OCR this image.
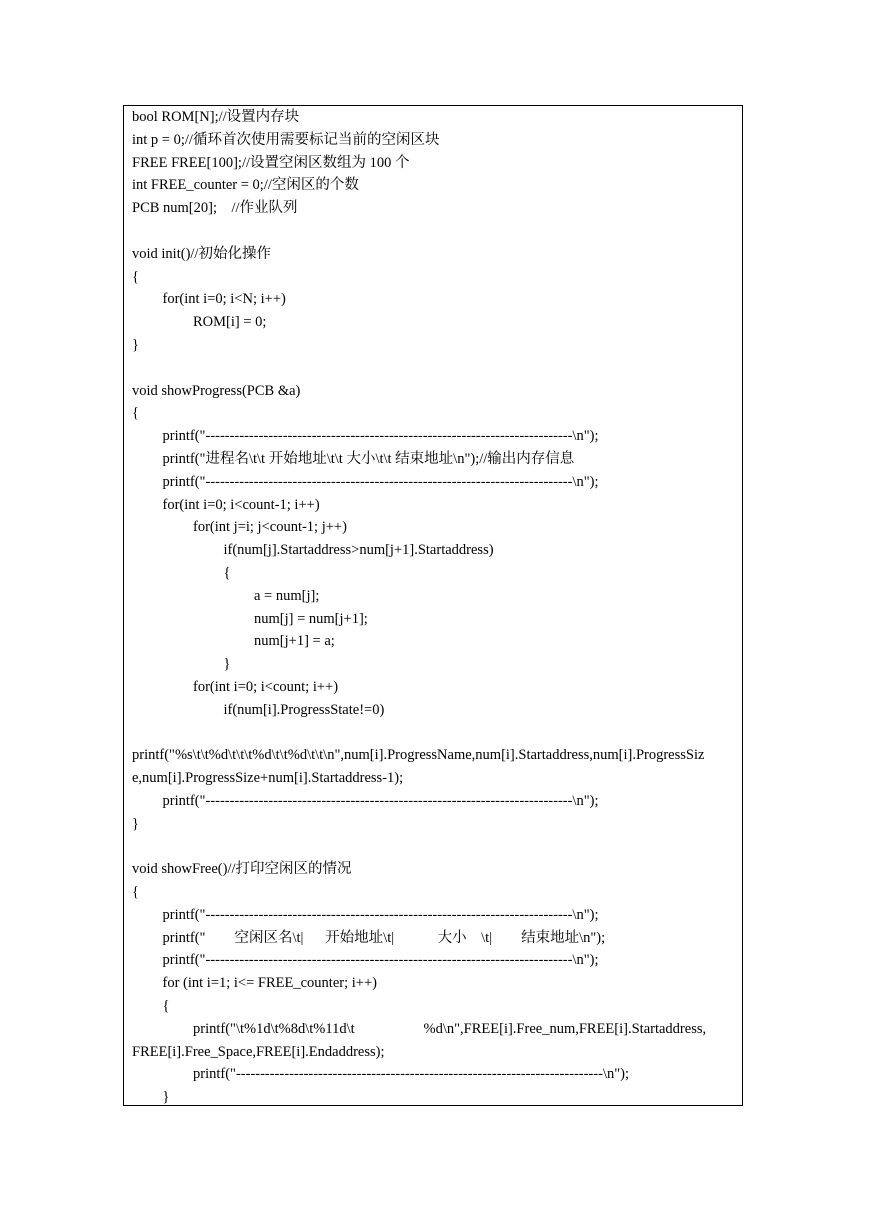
bool ROM[N];//设置内存块
int p = 0;//循环首次使用需要标记当前的空闲区块
FREE FREE[100];//设置空闲区数组为 100 个
int FREE_counter = 0;//空闲区的个数
PCB num[20];    //作业队列
void init()//初始化操作
{
for(int i=0; i<N; i++)
ROM[i] = 0;
}
void showProgress(PCB &a)
{
printf("----------------------------------------------------------------------------\n");
printf("进程名\t\t 开始地址\t\t 大小\t\t 结束地址\n");//输出内存信息
printf("----------------------------------------------------------------------------\n");
for(int i=0; i<count-1; i++)
for(int j=i; j<count-1; j++)
if(num[j].Startaddress>num[j+1].Startaddress)
{
a = num[j];
num[j] = num[j+1];
num[j+1] = a;
}
for(int i=0; i<count; i++)
if(num[i].ProgressState!=0)
printf("%s\t\t%d\t\t\t%d\t\t%d\t\t\n",num[i].ProgressName,num[i].Startaddress,num[i].ProgressSiz
e,num[i].ProgressSize+num[i].Startaddress-1);
printf("----------------------------------------------------------------------------\n");
}
void showFree()//打印空闲区的情况
{
printf("----------------------------------------------------------------------------\n");
printf("        空闲区名\t|      开始地址\t|            大小    \t|        结束地址\n");
printf("----------------------------------------------------------------------------\n");
for (int i=1; i<= FREE_counter; i++)
{
printf("\t%1d\t%8d\t%11d\t                   %d\n",FREE[i].Free_num,FREE[i].Startaddress,
FREE[i].Free_Space,FREE[i].Endaddress);
printf("----------------------------------------------------------------------------\n");
}
